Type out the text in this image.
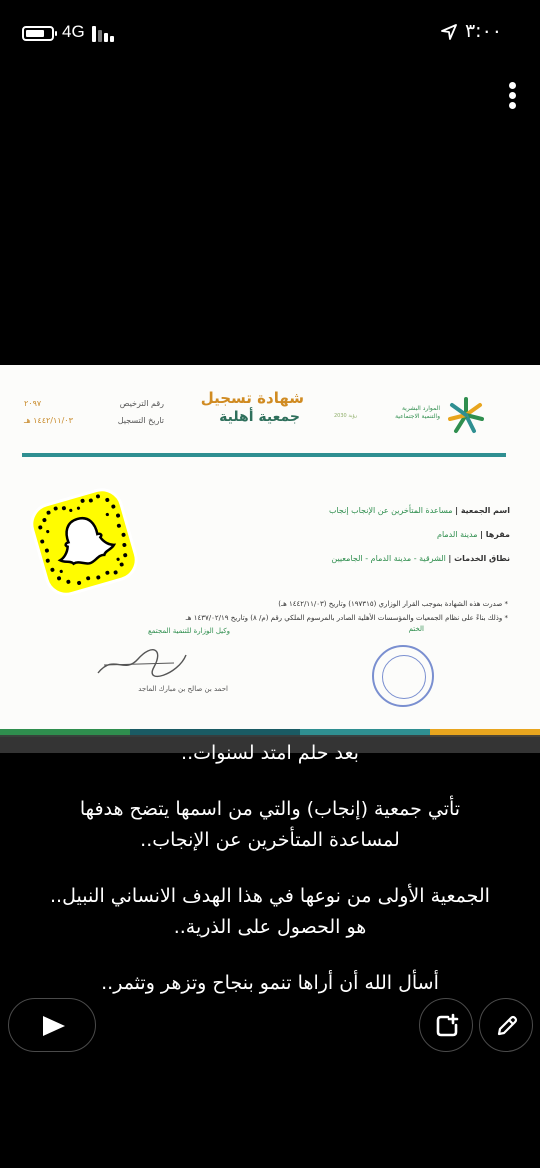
4G	٣:٠٠
الموارد البشرية والتنمية الاجتماعية
رؤية 2030
شهادة تسجيل
جمعية أهلية
رقم الترخيص
٢٠٩٧
تاريخ التسجيل
١٤٤٢/١١/٠٣ هـ
اسم الجمعية | مساعدة المتأخرين عن الإنجاب إنجاب
مقرها | مدينة الدمام
نطاق الخدمات | الشرقية - مدينة الدمام - الجامعيين
* صدرت هذه الشهادة بموجب القرار الوزاري (١٩٧٣١٥) وتاريخ (١٤٤٢/١١/٠٣ هـ)
* وذلك بناءً على نظام الجمعيات والمؤسسات الأهلية الصادر بالمرسوم الملكي رقم (م/ ٨) وتاريخ ١٤٣٧/٠٢/١٩ هـ
الختم
وكيل الوزارة للتنمية المجتمع
احمد بن صالح بن مبارك الماجد

بعد حلم امتد لسنوات..

تأتي جمعية (إنجاب) والتي من اسمها يتضح هدفها

لمساعدة المتأخرين عن الإنجاب..

الجمعية الأولى من نوعها في هذا الهدف الانساني النبيل..

هو الحصول على الذرية..

أسأل الله أن أراها تنمو بنجاح وتزهر وتثمر..
